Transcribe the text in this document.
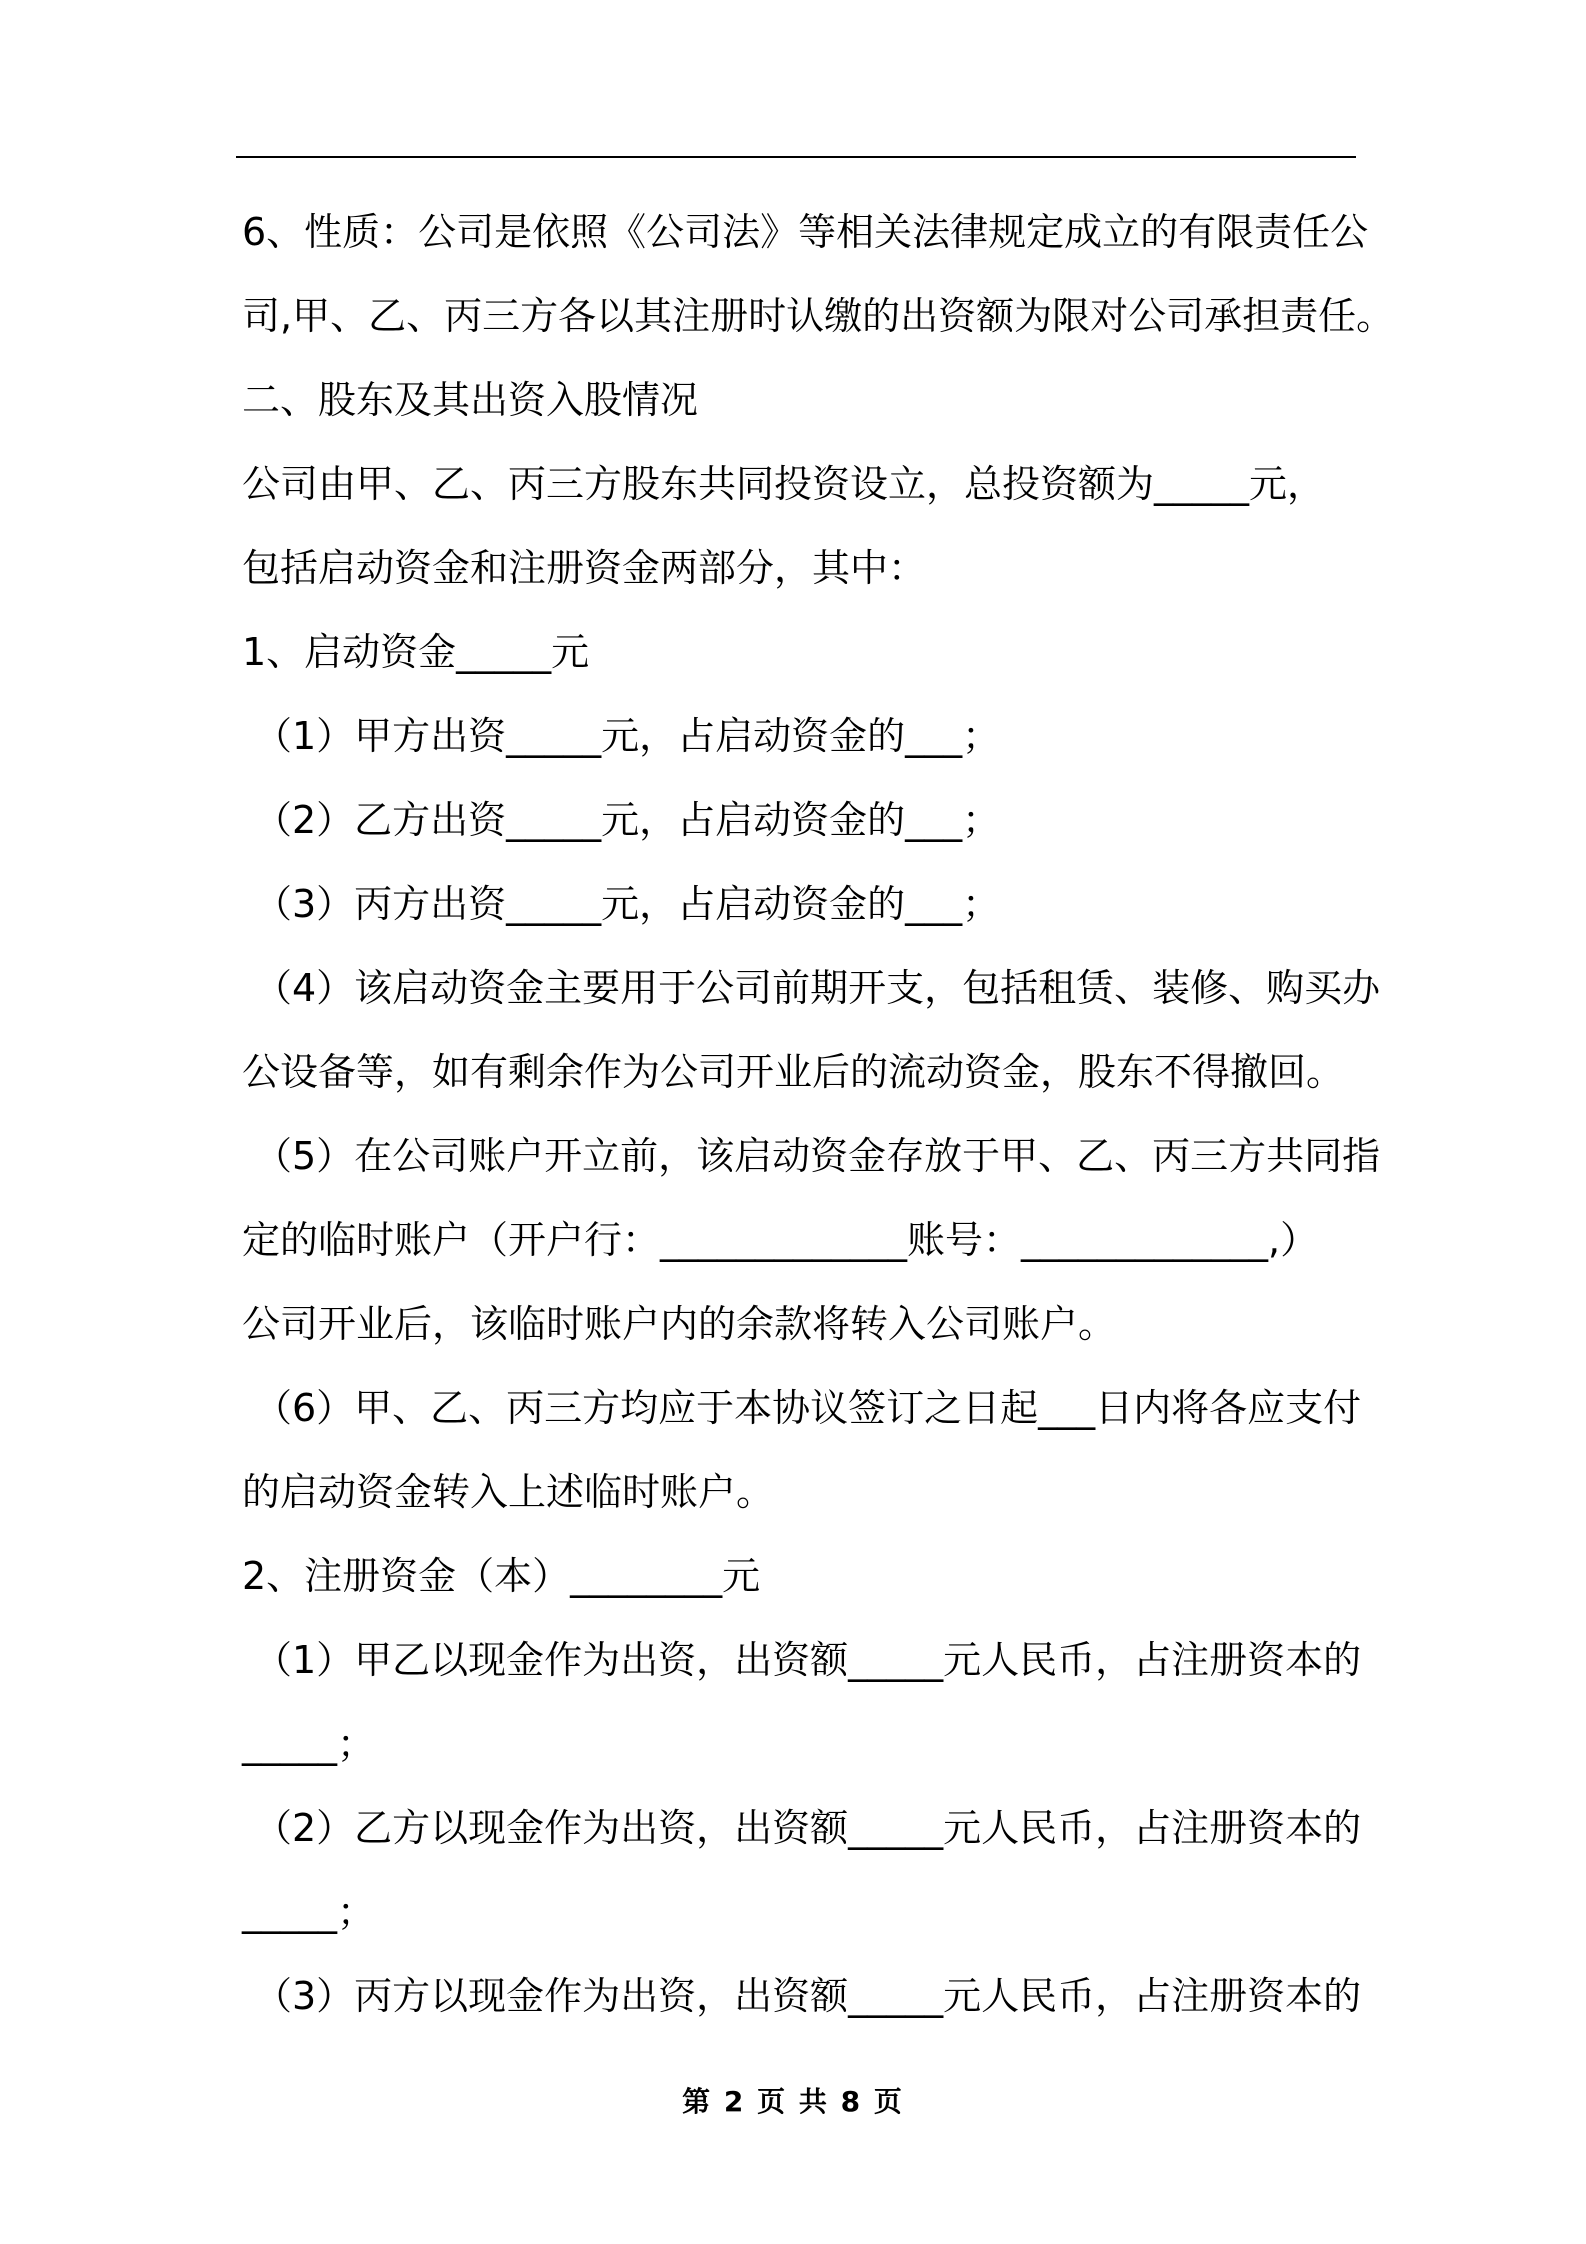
6、性质：公司是依照《公司法》等相关法律规定成立的有限责任公
司,甲、乙、丙三方各以其注册时认缴的出资额为限对公司承担责任。
二、股东及其出资入股情况
公司由甲、乙、丙三方股东共同投资设立，总投资额为_____元，
包括启动资金和注册资金两部分，其中：
1、启动资金_____元
（1）甲方出资_____元，占启动资金的___；
（2）乙方出资_____元，占启动资金的___；
（3）丙方出资_____元，占启动资金的___；
（4）该启动资金主要用于公司前期开支，包括租赁、装修、购买办
公设备等，如有剩余作为公司开业后的流动资金，股东不得撤回。
（5）在公司账户开立前，该启动资金存放于甲、乙、丙三方共同指
定的临时账户（开户行：_____________账号：_____________,）
公司开业后，该临时账户内的余款将转入公司账户。
（6）甲、乙、丙三方均应于本协议签订之日起___日内将各应支付
的启动资金转入上述临时账户。
2、注册资金（本）________元
（1）甲乙以现金作为出资，出资额_____元人民币，占注册资本的
_____；
（2）乙方以现金作为出资，出资额_____元人民币，占注册资本的
_____；
（3）丙方以现金作为出资，出资额_____元人民币，占注册资本的
第 2 页 共 8 页
